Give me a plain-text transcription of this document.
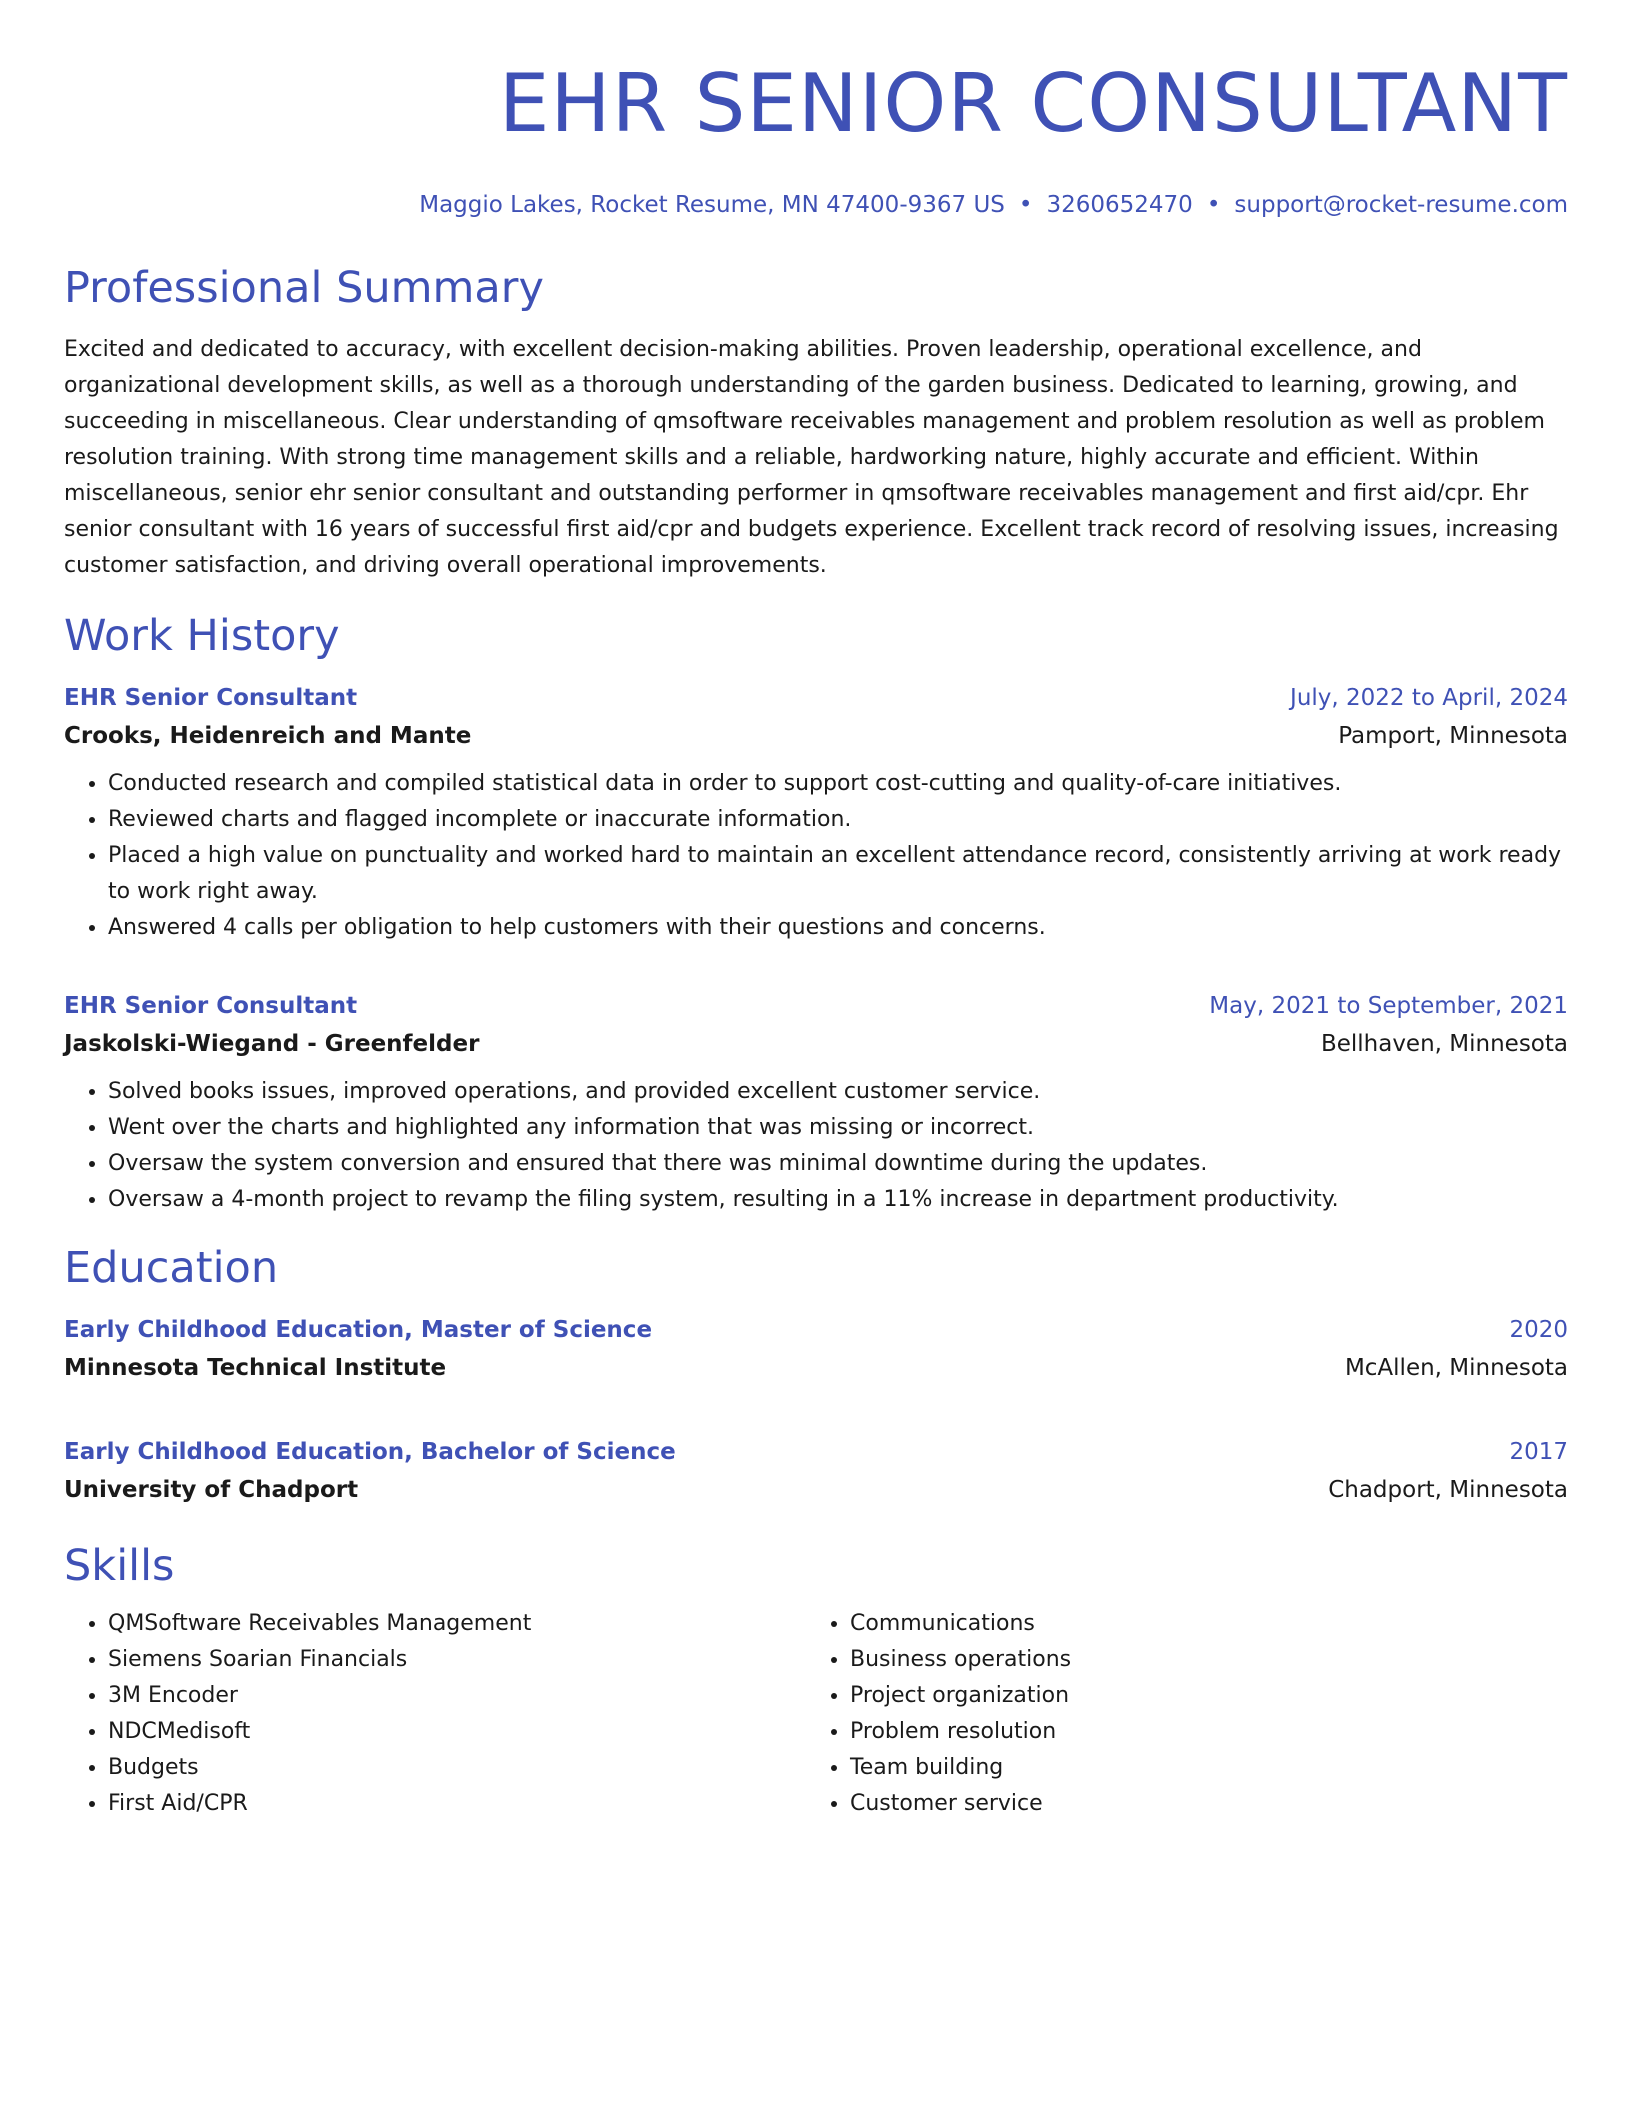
EHR SENIOR CONSULTANT
Maggio Lakes, Rocket Resume, MN 47400-9367 US • 3260652470 • support@rocket-resume.com
Professional Summary
Excited and dedicated to accuracy, with excellent decision-making abilities. Proven leadership, operational excellence, and organizational development skills, as well as a thorough understanding of the garden business. Dedicated to learning, growing, and succeeding in miscellaneous. Clear understanding of qmsoftware receivables management and problem resolution as well as problem resolution training. With strong time management skills and a reliable, hardworking nature, highly accurate and efficient. Within miscellaneous, senior ehr senior consultant and outstanding performer in qmsoftware receivables management and first aid/cpr. Ehr senior consultant with 16 years of successful first aid/cpr and budgets experience. Excellent track record of resolving issues, increasing customer satisfaction, and driving overall operational improvements.
Work History
EHR Senior Consultant	July, 2022 to April, 2024
Crooks, Heidenreich and Mante	Pamport, Minnesota
• Conducted research and compiled statistical data in order to support cost-cutting and quality-of-care initiatives.
• Reviewed charts and flagged incomplete or inaccurate information.
• Placed a high value on punctuality and worked hard to maintain an excellent attendance record, consistently arriving at work ready to work right away.
• Answered 4 calls per obligation to help customers with their questions and concerns.
EHR Senior Consultant	May, 2021 to September, 2021
Jaskolski-Wiegand - Greenfelder	Bellhaven, Minnesota
• Solved books issues, improved operations, and provided excellent customer service.
• Went over the charts and highlighted any information that was missing or incorrect.
• Oversaw the system conversion and ensured that there was minimal downtime during the updates.
• Oversaw a 4-month project to revamp the filing system, resulting in a 11% increase in department productivity.
Education
Early Childhood Education, Master of Science	2020
Minnesota Technical Institute	McAllen, Minnesota
Early Childhood Education, Bachelor of Science	2017
University of Chadport	Chadport, Minnesota
Skills
• QMSoftware Receivables Management
• Siemens Soarian Financials
• 3M Encoder
• NDCMedisoft
• Budgets
• First Aid/CPR
• Communications
• Business operations
• Project organization
• Problem resolution
• Team building
• Customer service
